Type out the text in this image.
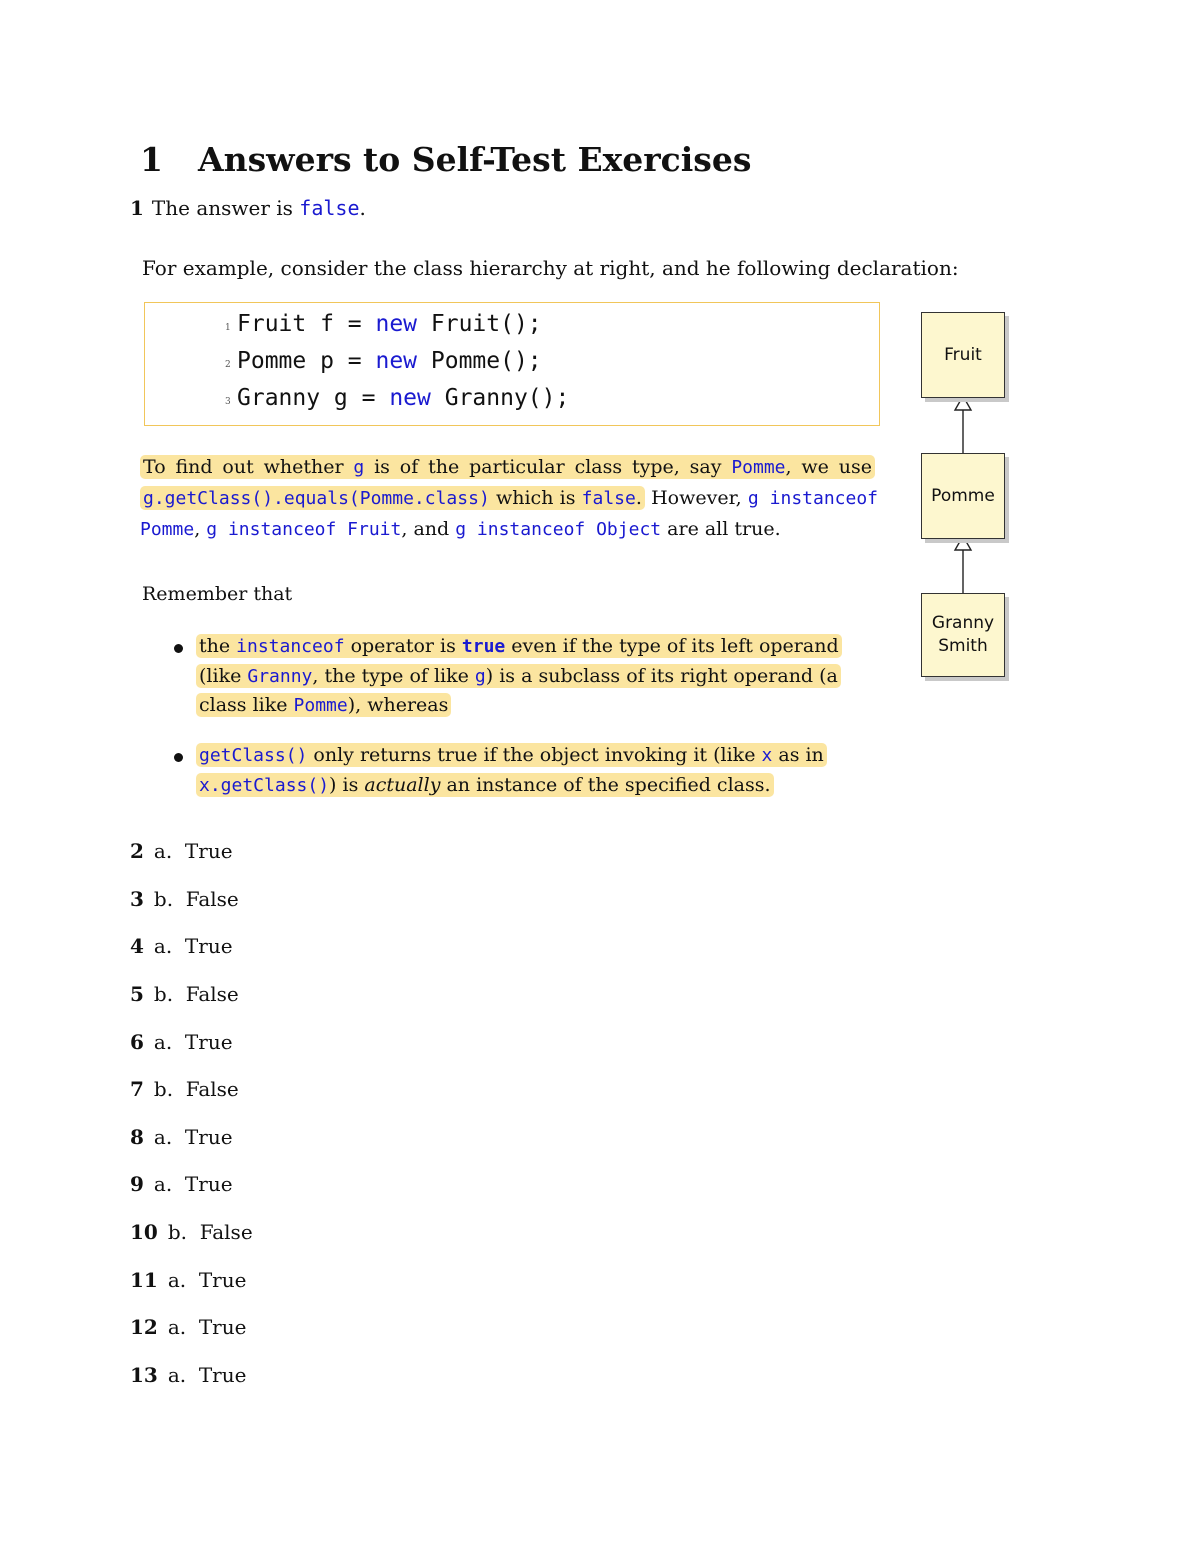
1 Answers to Self-Test Exercises
1 The answer is false.
For example, consider the class hierarchy at right, and he following declaration:
1 Fruit f = new Fruit();
2 Pomme p = new Pomme();
3 Granny g = new Granny();
To find out whether g is of the particular class type, say Pomme, we use g.getClass().equals(Pomme.class) which is false. However, g instanceof Pomme, g instanceof Fruit, and g instanceof Object are all true.
Remember that
the instanceof operator is true even if the type of its left operand (like Granny, the type of like g) is a subclass of its right operand (a class like Pomme), whereas
getClass() only returns true if the object invoking it (like x as in x.getClass()) is actually an instance of the specified class.
2 a.  True
3 b.  False
4 a.  True
5 b.  False
6 a.  True
7 b.  False
8 a.  True
9 a.  True
10 b.  False
11 a.  True
12 a.  True
13 a.  True
Fruit
Pomme
Granny
Smith
